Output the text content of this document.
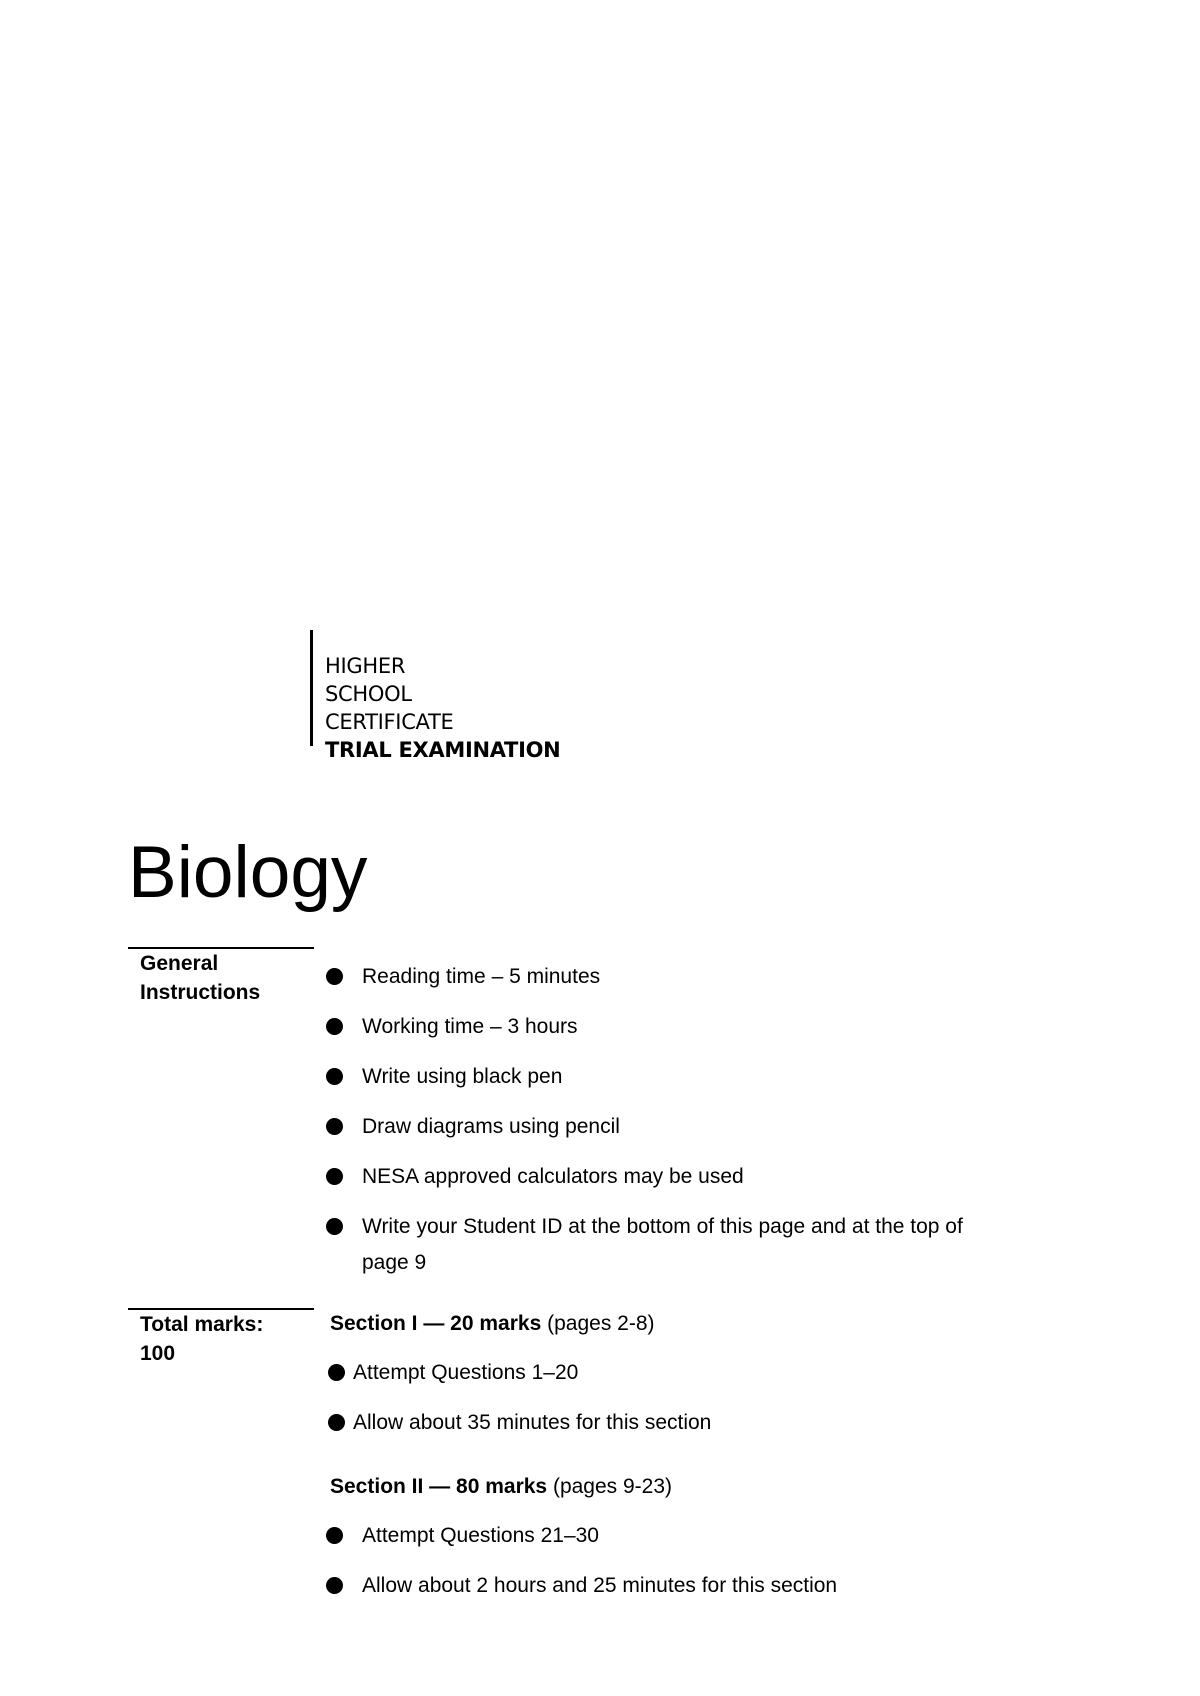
HIGHER
SCHOOL
CERTIFICATE
TRIAL EXAMINATION
Biology
General Instructions
Reading time – 5 minutes
Working time – 3 hours
Write using black pen
Draw diagrams using pencil
NESA approved calculators may be used
Write your Student ID at the bottom of this page and at the top of page 9
Total marks:
100
Section I — 20 marks (pages 2-8)
Attempt Questions 1–20
Allow about 35 minutes for this section
Section II — 80 marks (pages 9-23)
Attempt Questions 21–30
Allow about 2 hours and 25 minutes for this section
